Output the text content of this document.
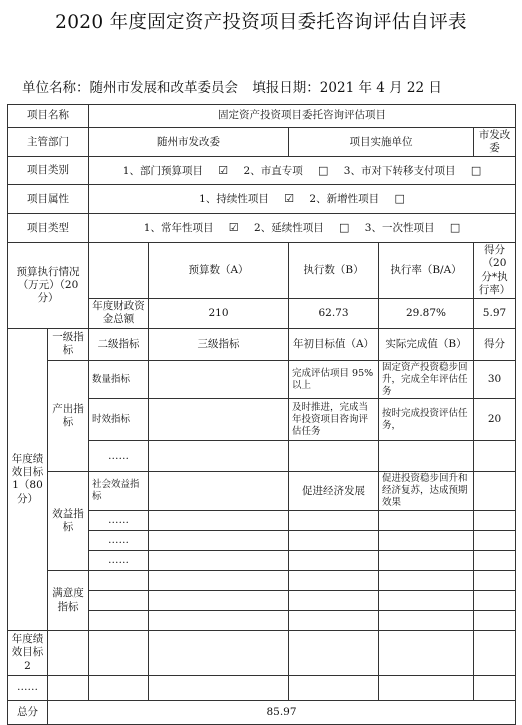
2020 年度固定资产投资项目委托咨询评估自评表
单位名称：随州市发展和改革委员会 填报日期：2021 年 4 月 22 日
项目名称		固定资产投资项目委托咨询评估项目				
主管部门		随州市发改委		项目实施单位		市发改委
项目类别		1、部门预算项目 ☑ 2、市直专项 □ 3、市对下转移支付项目 □				
项目属性		1、持续性项目 ☑ 2、新增性项目 □				
项目类型		1、常年性项目 ☑ 2、延续性项目 □ 3、一次性项目 □				
预算执行情况（万元）（20 分）			预算数（A）	执行数（B）	执行率（B/A）	得分（20 分*执行率）
		年度财政资金总额	210	62.73	29.87%	5.97
年度绩效目标 1（80 分）	一级指标	二级指标	三级指标	年初目标值（A）	实际完成值（B）	得分
	产出指标	数量指标		完成评估项目 95%以上	固定资产投资稳步回升，完成全年评估任务	30
		时效指标		及时推进，完成当年投资项目咨询评估任务	按时完成投资评估任务，	20
		……				
	效益指标	社会效益指标		促进经济发展	促进投资稳步回升和经济复苏，达成预期效果	
		……				
		……				
		……				
	满意度指标					

年度绩效目标 2						
……						
总分	85.97					
